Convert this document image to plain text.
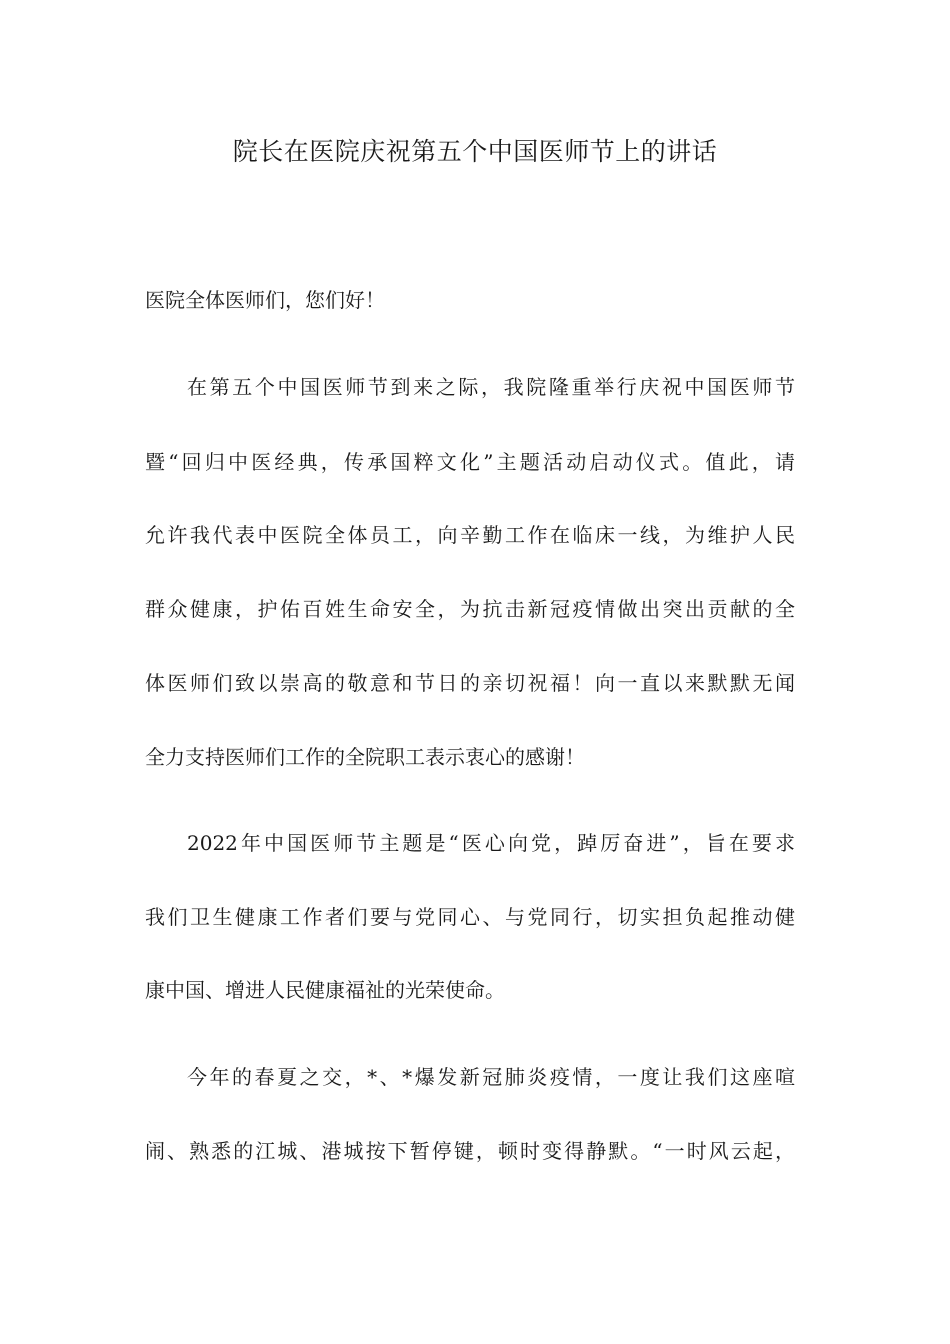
院长在医院庆祝第五个中国医师节上的讲话

医院全体医师们，您们好！

在第五个中国医师节到来之际，我院隆重举行庆祝中国医师节

暨“回归中医经典，传承国粹文化”主题活动启动仪式。值此，请

允许我代表中医院全体员工，向辛勤工作在临床一线，为维护人民

群众健康，护佑百姓生命安全，为抗击新冠疫情做出突出贡献的全

体医师们致以崇高的敬意和节日的亲切祝福！向一直以来默默无闻

全力支持医师们工作的全院职工表示衷心的感谢！

2022年中国医师节主题是“医心向党，踔厉奋进”，旨在要求

我们卫生健康工作者们要与党同心、与党同行，切实担负起推动健

康中国、增进人民健康福祉的光荣使命。

今年的春夏之交，*、*爆发新冠肺炎疫情，一度让我们这座喧

闹、熟悉的江城、港城按下暂停键，顿时变得静默。“一时风云起，
